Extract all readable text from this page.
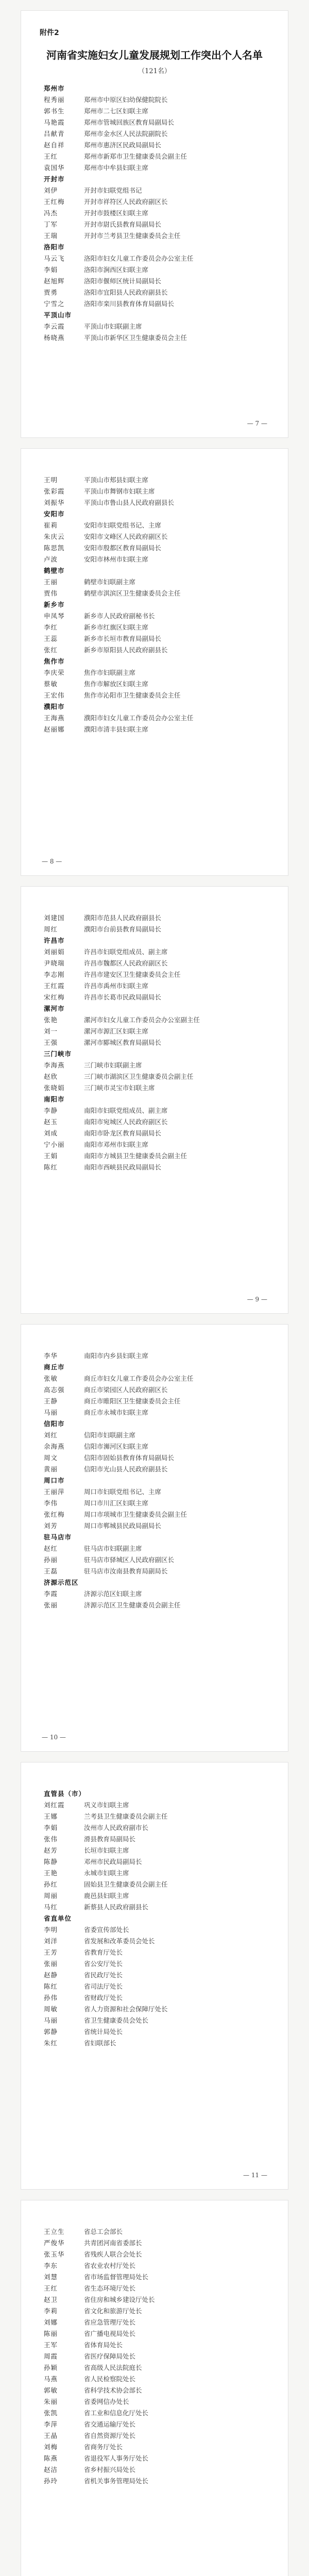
附件2
河南省实施妇女儿童发展规划工作突出个人名单
（121名）
郑州市
程秀丽	郑州市中原区妇幼保健院院长
郭书生	郑州市二七区妇联主席
马艳霞	郑州市管城回族区教育局副局长
吕献青	郑州市金水区人民法院副院长
赵自祥	郑州市惠济区民政局副局长
王红	郑州市新郑市卫生健康委员会副主任
袁国华	郑州市中牟县妇联主席
开封市
刘伊	开封市妇联党组书记
王红梅	开封市祥符区人民政府副区长
冯杰	开封市鼓楼区妇联主席
丁军	开封市尉氏县教育局副局长
王瑞	开封市兰考县卫生健康委员会主任
洛阳市
马云飞	洛阳市妇女儿童工作委员会办公室主任
李娟	洛阳市涧西区妇联主席
赵旭辉	洛阳市偃师区统计局副局长
贾勇	洛阳市宜阳县人民政府副县长
宁雪之	洛阳市栾川县教育体育局副局长
平顶山市
李云霞	平顶山市妇联副主席
杨晓燕	平顶山市新华区卫生健康委员会主任
— 7 —
王明	平顶山市郏县妇联主席
张彩霞	平顶山市舞钢市妇联主席
刘振华	平顶山市鲁山县人民政府副县长
安阳市
崔莉	安阳市妇联党组书记、主席
朱庆云	安阳市文峰区人民政府副区长
陈思凯	安阳市殷都区教育局副局长
卢波	安阳市林州市妇联主席
鹤壁市
王丽	鹤壁市妇联副主席
贾伟	鹤壁市淇滨区卫生健康委员会主任
新乡市
申凤琴	新乡市人民政府副秘书长
李红	新乡市红旗区妇联主席
王蕊	新乡市长垣市教育局副局长
张红	新乡市原阳县人民政府副县长
焦作市
李庆荣	焦作市妇联副主席
蔡敏	焦作市解放区妇联主席
王宏伟	焦作市沁阳市卫生健康委员会主任
濮阳市
王海燕	濮阳市妇女儿童工作委员会办公室主任
赵丽娜	濮阳市清丰县妇联主席
— 8 —
刘建国	濮阳市范县人民政府副县长
周红	濮阳市台前县教育局副局长
许昌市
刘丽娟	许昌市妇联党组成员、副主席
尹晓瑞	许昌市魏都区人民政府副区长
李志刚	许昌市建安区卫生健康委员会主任
王红霞	许昌市禹州市妇联主席
宋红梅	许昌市长葛市民政局副局长
漯河市
张艳	漯河市妇女儿童工作委员会办公室副主任
刘一	漯河市源汇区妇联主席
王强	漯河市郾城区教育局副局长
三门峡市
李海燕	三门峡市妇联副主席
赵欣	三门峡市湖滨区卫生健康委员会副主任
张晓娟	三门峡市灵宝市妇联主席
南阳市
李静	南阳市妇联党组成员、副主席
赵玉	南阳市宛城区人民政府副区长
刘成	南阳市卧龙区教育局副局长
宁小丽	南阳市邓州市妇联主席
王娟	南阳市方城县卫生健康委员会副主任
陈红	南阳市西峡县民政局副局长
— 9 —
李华	南阳市内乡县妇联主席
商丘市
张敏	商丘市妇女儿童工作委员会办公室主任
高志强	商丘市梁园区人民政府副区长
王静	商丘市睢阳区卫生健康委员会主任
马丽	商丘市永城市妇联主席
信阳市
刘红	信阳市妇联副主席
余海燕	信阳市浉河区妇联主席
周文	信阳市固始县教育体育局副局长
黄丽	信阳市光山县人民政府副县长
周口市
王丽萍	周口市妇联党组书记、主席
李伟	周口市川汇区妇联主席
张红梅	周口市项城市卫生健康委员会副主任
刘芳	周口市郸城县民政局副局长
驻马店市
赵红	驻马店市妇联副主席
孙丽	驻马店市驿城区人民政府副区长
王磊	驻马店市汝南县教育局副局长
济源示范区
李霞	济源示范区妇联主席
张丽	济源示范区卫生健康委员会副主任
— 10 —
直管县（市）
刘红霞	巩义市妇联主席
王娜	兰考县卫生健康委员会副主任
李娟	汝州市人民政府副市长
张伟	滑县教育局副局长
赵芳	长垣市妇联主席
陈静	邓州市民政局副局长
王艳	永城市妇联主席
孙红	固始县卫生健康委员会副主任
周丽	鹿邑县妇联主席
马红	新蔡县人民政府副县长
省直单位
李明	省委宣传部处长
刘洋	省发展和改革委员会处长
王芳	省教育厅处长
张丽	省公安厅处长
赵静	省民政厅处长
陈红	省司法厅处长
孙伟	省财政厅处长
周敏	省人力资源和社会保障厅处长
马丽	省卫生健康委员会处长
郭静	省统计局处长
朱红	省妇联部长
— 11 —
王立生	省总工会部长
严俊华	共青团河南省委部长
张玉华	省残疾人联合会处长
李东	省农业农村厅处长
刘慧	省市场监督管理局处长
王红	省生态环境厅处长
赵卫	省住房和城乡建设厅处长
李莉	省文化和旅游厅处长
刘娜	省应急管理厅处长
陈丽	省广播电视局处长
王军	省体育局处长
周霞	省医疗保障局处长
孙颖	省高级人民法院庭长
马燕	省人民检察院处长
郭敏	省科学技术协会部长
朱丽	省委网信办处长
张凯	省工业和信息化厅处长
李萍	省交通运输厅处长
王晶	省自然资源厅处长
刘梅	省商务厅处长
陈燕	省退役军人事务厅处长
赵洁	省乡村振兴局处长
孙玲	省机关事务管理局处长
